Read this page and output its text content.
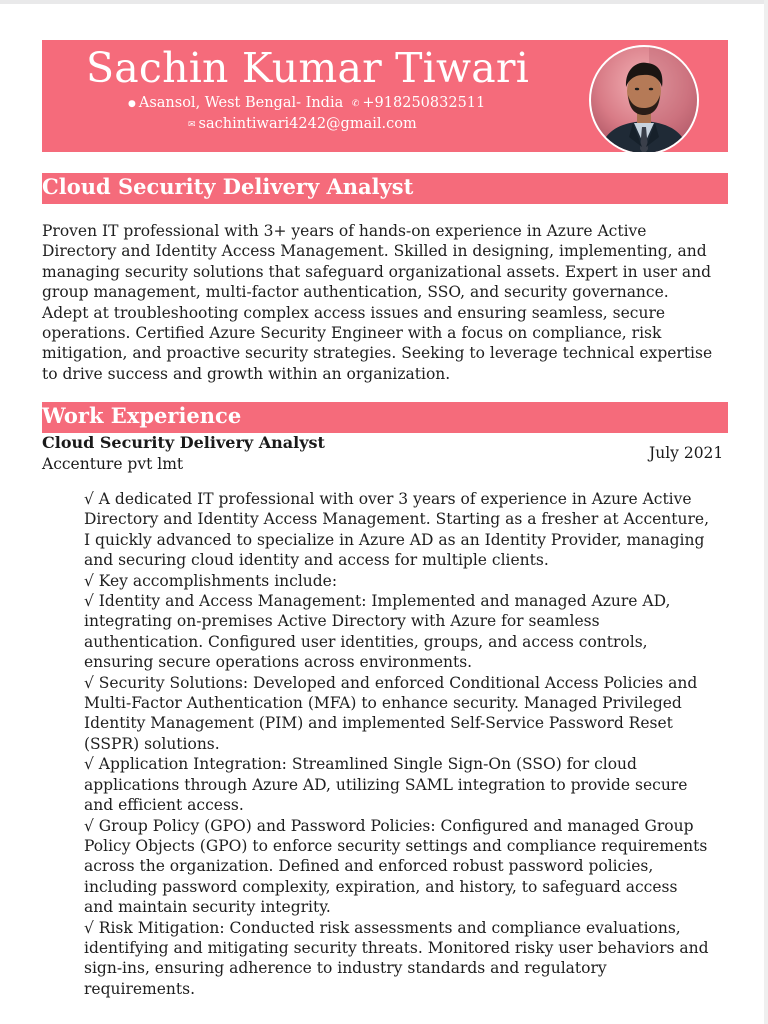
Sachin Kumar Tiwari
● Asansol, West Bengal- India ✆ +918250832511
✉ sachintiwari4242@gmail.com
Cloud Security Delivery Analyst
Proven IT professional with 3+ years of hands-on experience in Azure Active
Directory and Identity Access Management. Skilled in designing, implementing, and
managing security solutions that safeguard organizational assets. Expert in user and
group management, multi-factor authentication, SSO, and security governance.
Adept at troubleshooting complex access issues and ensuring seamless, secure
operations. Certified Azure Security Engineer with a focus on compliance, risk
mitigation, and proactive security strategies. Seeking to leverage technical expertise
to drive success and growth within an organization.
Work Experience
Cloud Security Delivery Analyst
Accenture pvt lmt
July 2021
√ A dedicated IT professional with over 3 years of experience in Azure Active
Directory and Identity Access Management. Starting as a fresher at Accenture,
I quickly advanced to specialize in Azure AD as an Identity Provider, managing
and securing cloud identity and access for multiple clients.
√ Key accomplishments include:
√ Identity and Access Management: Implemented and managed Azure AD,
integrating on-premises Active Directory with Azure for seamless
authentication. Configured user identities, groups, and access controls,
ensuring secure operations across environments.
√ Security Solutions: Developed and enforced Conditional Access Policies and
Multi-Factor Authentication (MFA) to enhance security. Managed Privileged
Identity Management (PIM) and implemented Self-Service Password Reset
(SSPR) solutions.
√ Application Integration: Streamlined Single Sign-On (SSO) for cloud
applications through Azure AD, utilizing SAML integration to provide secure
and efficient access.
√ Group Policy (GPO) and Password Policies: Configured and managed Group
Policy Objects (GPO) to enforce security settings and compliance requirements
across the organization. Defined and enforced robust password policies,
including password complexity, expiration, and history, to safeguard access
and maintain security integrity.
√ Risk Mitigation: Conducted risk assessments and compliance evaluations,
identifying and mitigating security threats. Monitored risky user behaviors and
sign-ins, ensuring adherence to industry standards and regulatory
requirements.
